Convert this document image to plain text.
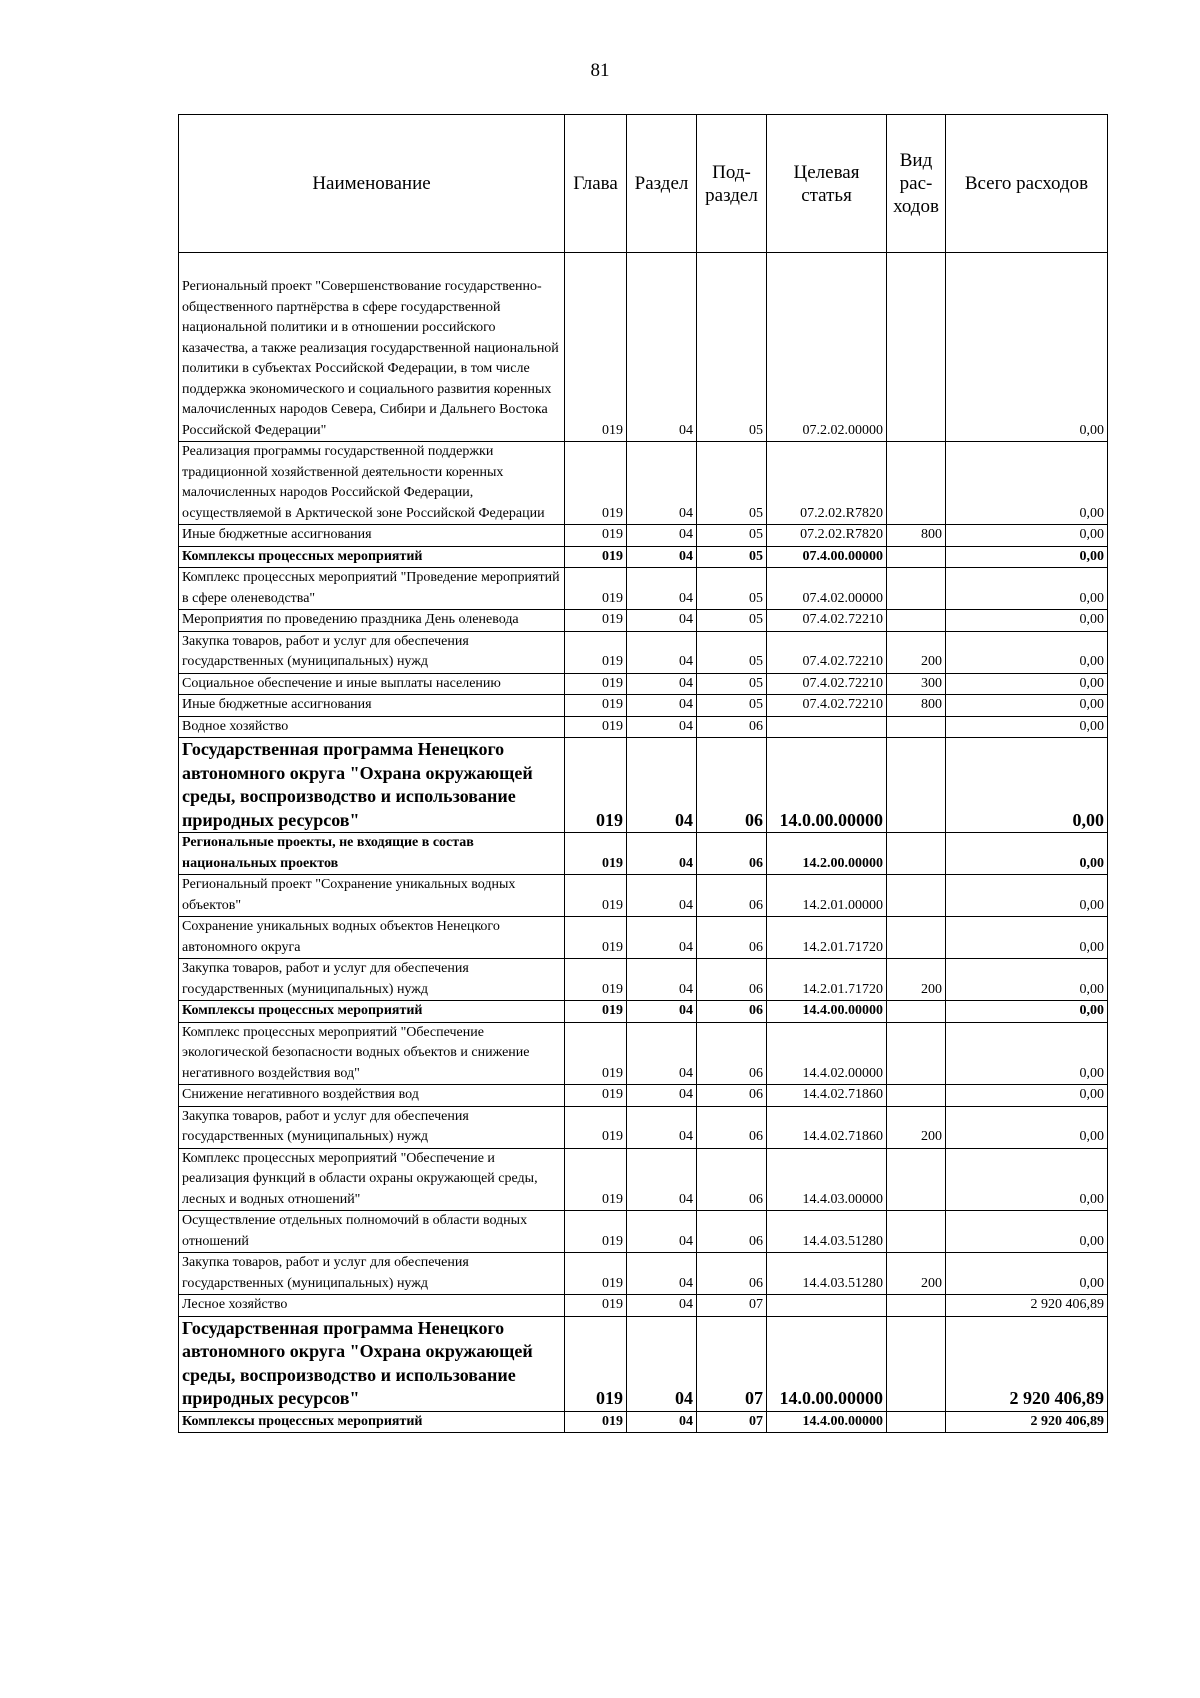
81
Наименование	Глава	Раздел	Под-раздел	Целевая статья	Вид рас-ходов	Всего расходов
Региональный проект "Совершенствование государственно-общественного партнёрства в сфере государственной национальной политики и в отношении российского казачества, а также реализация государственной национальной политики в субъектах Российской Федерации, в том числе поддержка экономического и социального развития коренных малочисленных народов Севера, Сибири и Дальнего Востока Российской Федерации"	019	04	05	07.2.02.00000		0,00
Реализация программы государственной поддержки традиционной хозяйственной деятельности коренных малочисленных народов Российской Федерации, осуществляемой в Арктической зоне Российской Федерации	019	04	05	07.2.02.R7820		0,00
Иные бюджетные ассигнования	019	04	05	07.2.02.R7820	800	0,00
Комплексы процессных мероприятий	019	04	05	07.4.00.00000		0,00
Комплекс процессных мероприятий "Проведение мероприятий в сфере оленеводства"	019	04	05	07.4.02.00000		0,00
Мероприятия по проведению праздника День оленевода	019	04	05	07.4.02.72210		0,00
Закупка товаров, работ и услуг для обеспечения государственных (муниципальных) нужд	019	04	05	07.4.02.72210	200	0,00
Социальное обеспечение и иные выплаты населению	019	04	05	07.4.02.72210	300	0,00
Иные бюджетные ассигнования	019	04	05	07.4.02.72210	800	0,00
Водное хозяйство	019	04	06			0,00
Государственная программа Ненецкого автономного округа "Охрана окружающей среды, воспроизводство и использование природных ресурсов"	019	04	06	14.0.00.00000		0,00
Региональные проекты, не входящие в состав национальных проектов	019	04	06	14.2.00.00000		0,00
Региональный проект "Сохранение уникальных водных объектов"	019	04	06	14.2.01.00000		0,00
Сохранение уникальных водных объектов Ненецкого автономного округа	019	04	06	14.2.01.71720		0,00
Закупка товаров, работ и услуг для обеспечения государственных (муниципальных) нужд	019	04	06	14.2.01.71720	200	0,00
Комплексы процессных мероприятий	019	04	06	14.4.00.00000		0,00
Комплекс процессных мероприятий "Обеспечение экологической безопасности водных объектов и снижение негативного воздействия вод"	019	04	06	14.4.02.00000		0,00
Снижение негативного воздействия вод	019	04	06	14.4.02.71860		0,00
Закупка товаров, работ и услуг для обеспечения государственных (муниципальных) нужд	019	04	06	14.4.02.71860	200	0,00
Комплекс процессных мероприятий "Обеспечение и реализация функций в области охраны окружающей среды, лесных и водных отношений"	019	04	06	14.4.03.00000		0,00
Осуществление отдельных полномочий в области водных отношений	019	04	06	14.4.03.51280		0,00
Закупка товаров, работ и услуг для обеспечения государственных (муниципальных) нужд	019	04	06	14.4.03.51280	200	0,00
Лесное хозяйство	019	04	07			2 920 406,89
Государственная программа Ненецкого автономного округа "Охрана окружающей среды, воспроизводство и использование природных ресурсов"	019	04	07	14.0.00.00000		2 920 406,89
Комплексы процессных мероприятий	019	04	07	14.4.00.00000		2 920 406,89
